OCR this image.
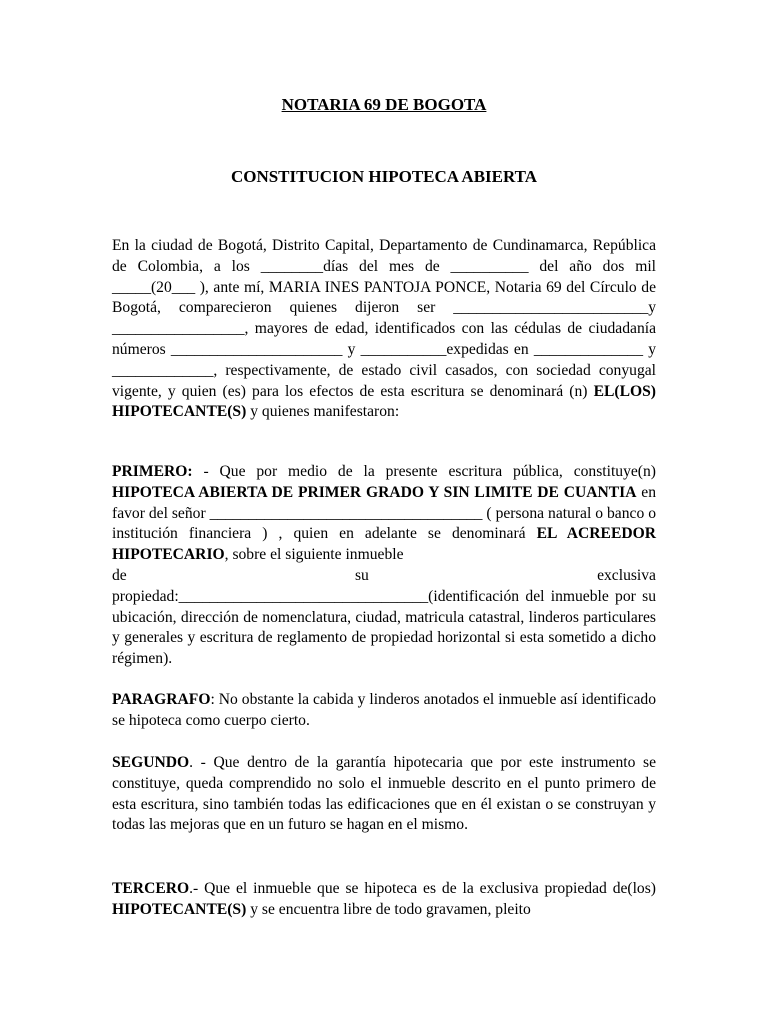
NOTARIA 69 DE BOGOTA
CONSTITUCION HIPOTECA ABIERTA

En la ciudad de Bogotá, Distrito Capital, Departamento de Cundinamarca, República de Colombia, a los ________días del mes de __________ del año dos mil _____(20___ ), ante mí, MARIA INES PANTOJA PONCE, Notaria 69 del Círculo de Bogotá, comparecieron quienes dijeron ser _________________________y _________________, mayores de edad, identificados con las cédulas de ciudadanía números ______________________ y ___________expedidas en ______________ y _____________, respectivamente, de estado civil casados, con sociedad conyugal vigente, y quien (es) para los efectos de esta escritura se denominará (n) EL(LOS) HIPOTECANTE(S) y quienes manifestaron:

PRIMERO: - Que por medio de la presente escritura pública, constituye(n) HIPOTECA ABIERTA DE PRIMER GRADO Y SIN LIMITE DE CUANTIA en favor del señor ___________________________________ ( persona natural o banco o institución financiera ) , quien en adelante se denominará EL ACREEDOR HIPOTECARIO, sobre el siguiente inmueble
de	su	exclusiva
propiedad:________________________________(identificación del inmueble por su ubicación, dirección de nomenclatura, ciudad, matricula catastral, linderos particulares y generales y escritura de reglamento de propiedad horizontal si esta sometido a dicho régimen).

PARAGRAFO: No obstante la cabida y linderos anotados el inmueble así identificado se hipoteca como cuerpo cierto.

SEGUNDO. - Que dentro de la garantía hipotecaria que por este instrumento se constituye, queda comprendido no solo el inmueble descrito en el punto primero de esta escritura, sino también todas las edificaciones que en él existan o se construyan y todas las mejoras que en un futuro se hagan en el mismo.

TERCERO.- Que el inmueble que se hipoteca es de la exclusiva propiedad de(los) HIPOTECANTE(S) y se encuentra libre de todo gravamen, pleito
